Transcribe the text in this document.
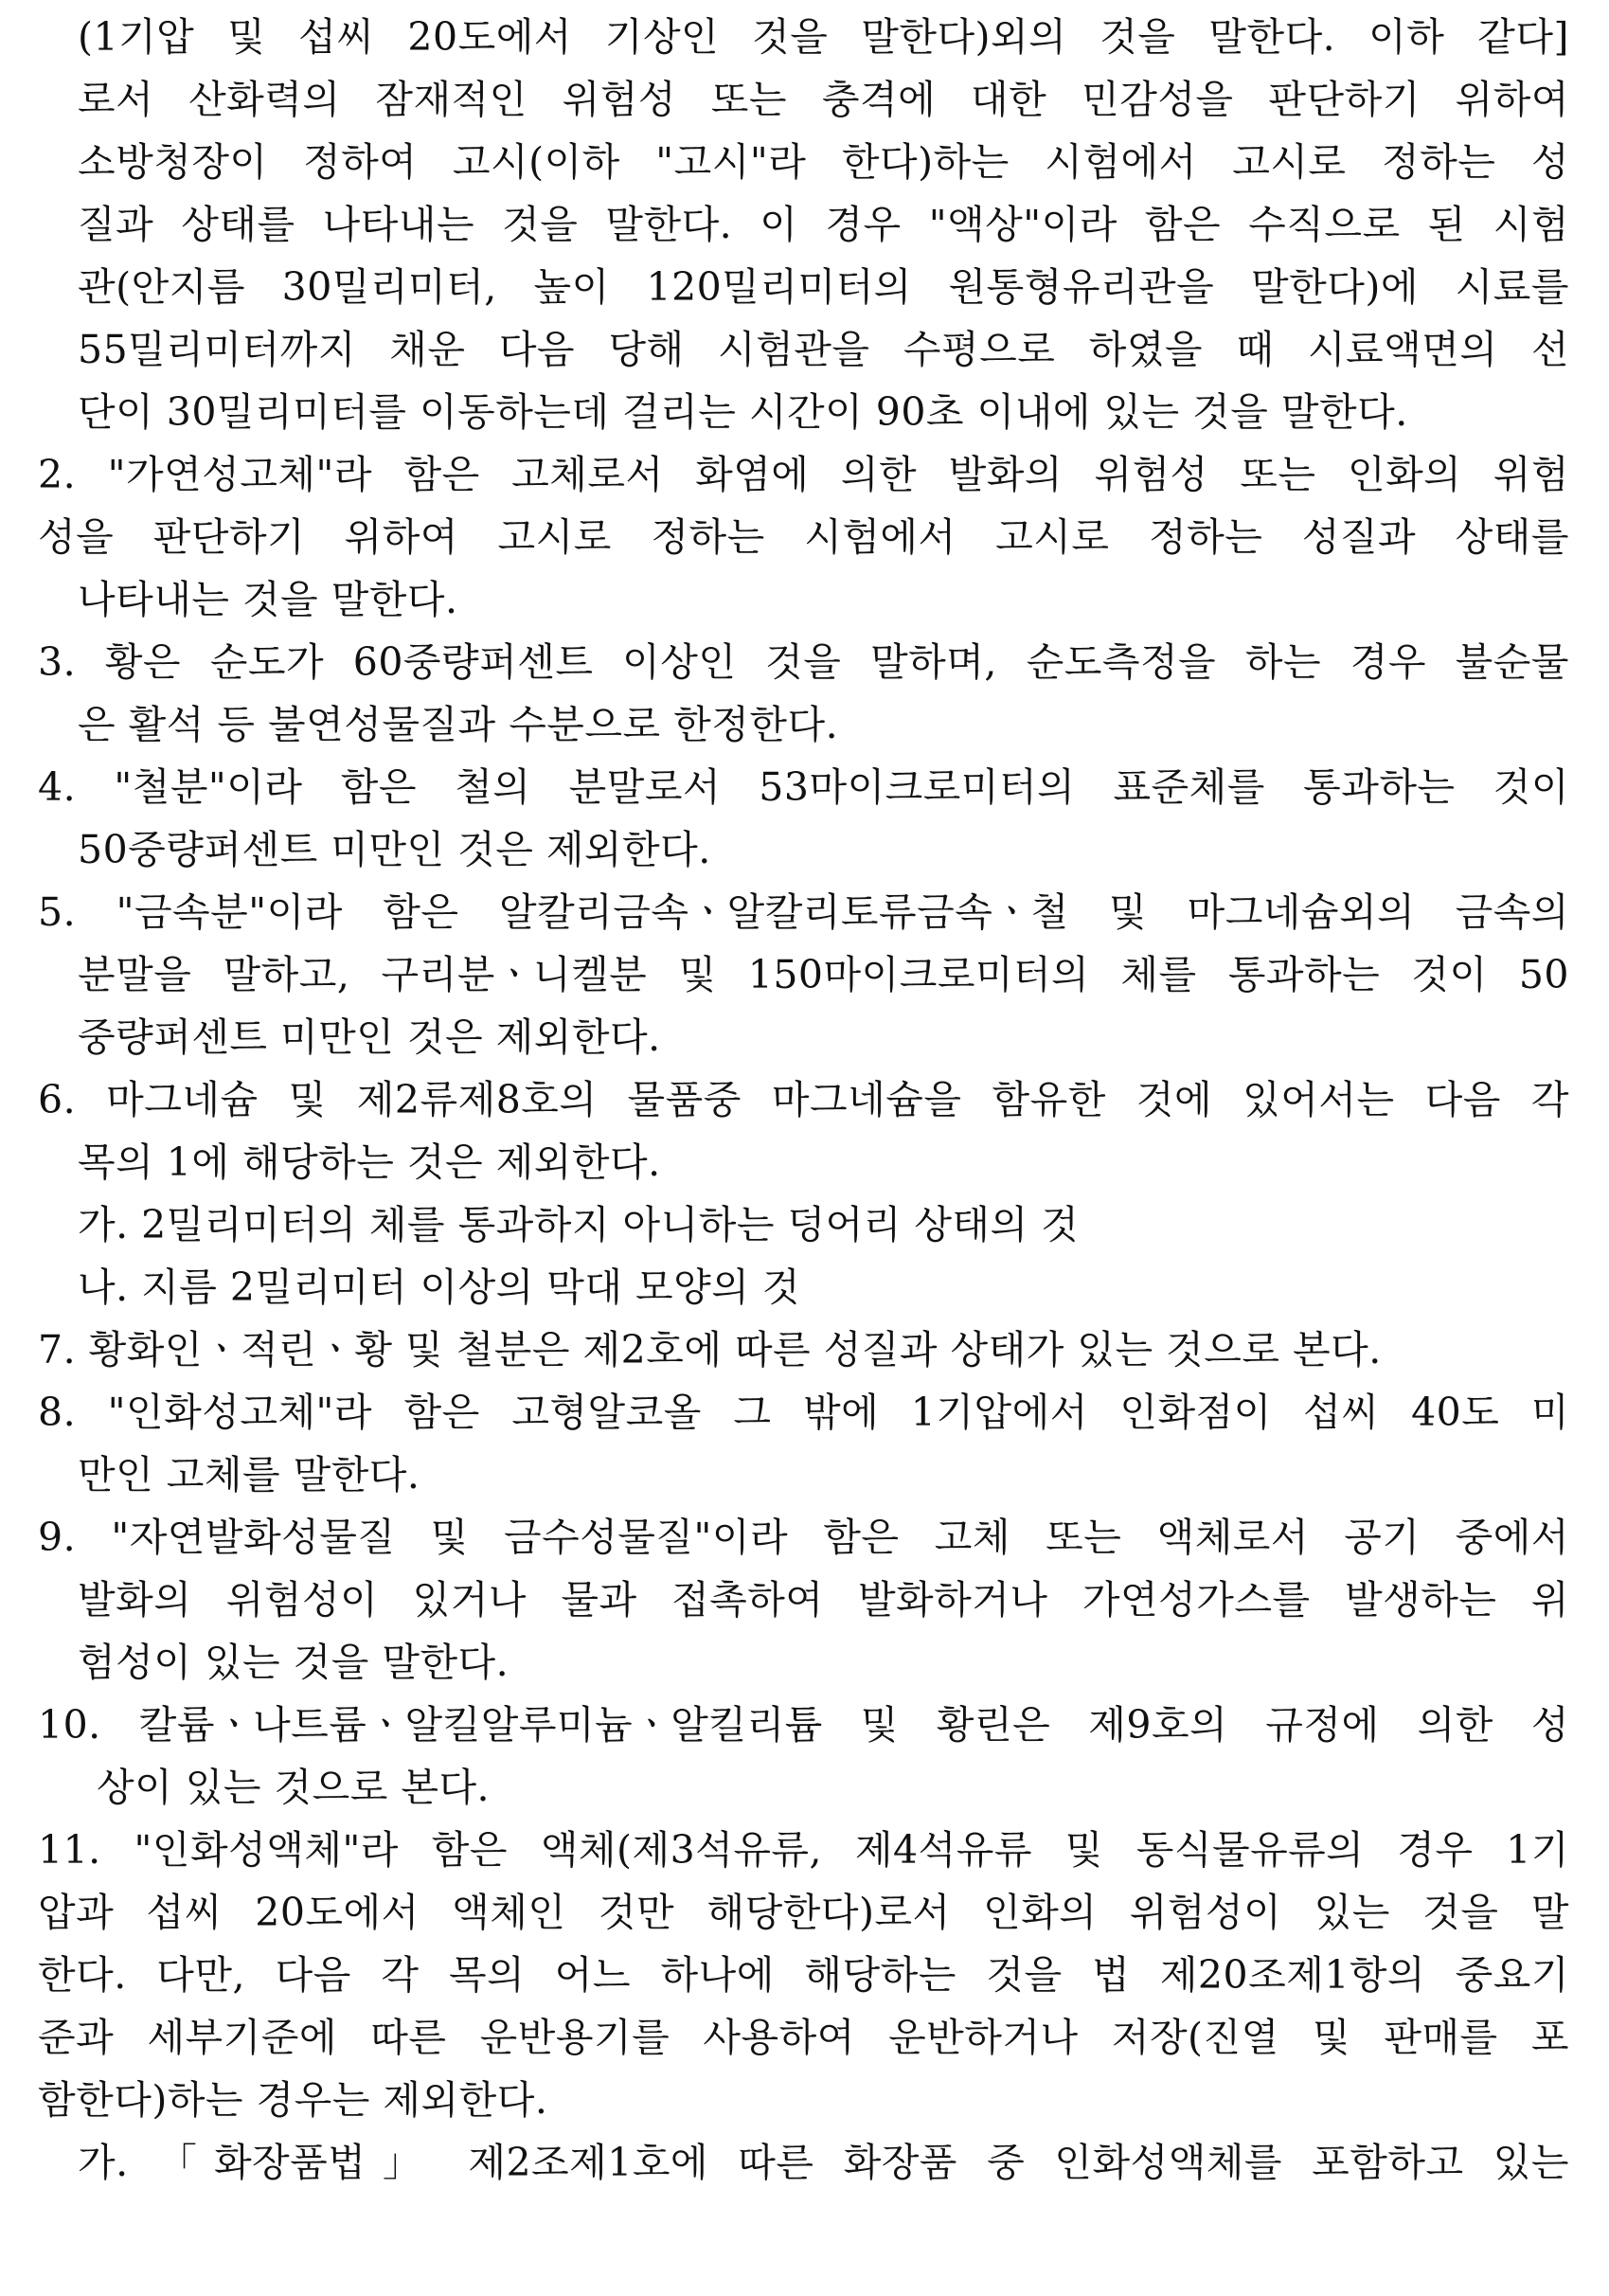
(1기압 및 섭씨 20도에서 기상인 것을 말한다)외의 것을 말한다. 이하 같다]
로서 산화력의 잠재적인 위험성 또는 충격에 대한 민감성을 판단하기 위하여
소방청장이 정하여 고시(이하 "고시"라 한다)하는 시험에서 고시로 정하는 성
질과 상태를 나타내는 것을 말한다. 이 경우 "액상"이라 함은 수직으로 된 시험
관(안지름 30밀리미터, 높이 120밀리미터의 원통형유리관을 말한다)에 시료를
55밀리미터까지 채운 다음 당해 시험관을 수평으로 하였을 때 시료액면의 선
단이 30밀리미터를 이동하는데 걸리는 시간이 90초 이내에 있는 것을 말한다.
2. "가연성고체"라 함은 고체로서 화염에 의한 발화의 위험성 또는 인화의 위험
성을 판단하기 위하여 고시로 정하는 시험에서 고시로 정하는 성질과 상태를
나타내는 것을 말한다.
3. 황은 순도가 60중량퍼센트 이상인 것을 말하며, 순도측정을 하는 경우 불순물
은 활석 등 불연성물질과 수분으로 한정한다.
4. "철분"이라 함은 철의 분말로서 53마이크로미터의 표준체를 통과하는 것이
50중량퍼센트 미만인 것은 제외한다.
5. "금속분"이라 함은 알칼리금속ㆍ알칼리토류금속ㆍ철 및 마그네슘외의 금속의
분말을 말하고, 구리분ㆍ니켈분 및 150마이크로미터의 체를 통과하는 것이 50
중량퍼센트 미만인 것은 제외한다.
6. 마그네슘 및 제2류제8호의 물품중 마그네슘을 함유한 것에 있어서는 다음 각
목의 1에 해당하는 것은 제외한다.
가. 2밀리미터의 체를 통과하지 아니하는 덩어리 상태의 것
나. 지름 2밀리미터 이상의 막대 모양의 것
7. 황화인ㆍ적린ㆍ황 및 철분은 제2호에 따른 성질과 상태가 있는 것으로 본다.
8. "인화성고체"라 함은 고형알코올 그 밖에 1기압에서 인화점이 섭씨 40도 미
만인 고체를 말한다.
9. "자연발화성물질 및 금수성물질"이라 함은 고체 또는 액체로서 공기 중에서
발화의 위험성이 있거나 물과 접촉하여 발화하거나 가연성가스를 발생하는 위
험성이 있는 것을 말한다.
10. 칼륨ㆍ나트륨ㆍ알킬알루미늄ㆍ알킬리튬 및 황린은 제9호의 규정에 의한 성
상이 있는 것으로 본다.
11. "인화성액체"라 함은 액체(제3석유류, 제4석유류 및 동식물유류의 경우 1기
압과 섭씨 20도에서 액체인 것만 해당한다)로서 인화의 위험성이 있는 것을 말
한다. 다만, 다음 각 목의 어느 하나에 해당하는 것을 법 제20조제1항의 중요기
준과 세부기준에 따른 운반용기를 사용하여 운반하거나 저장(진열 및 판매를 포
함한다)하는 경우는 제외한다.
가. 「화장품법」 제2조제1호에 따른 화장품 중 인화성액체를 포함하고 있는
